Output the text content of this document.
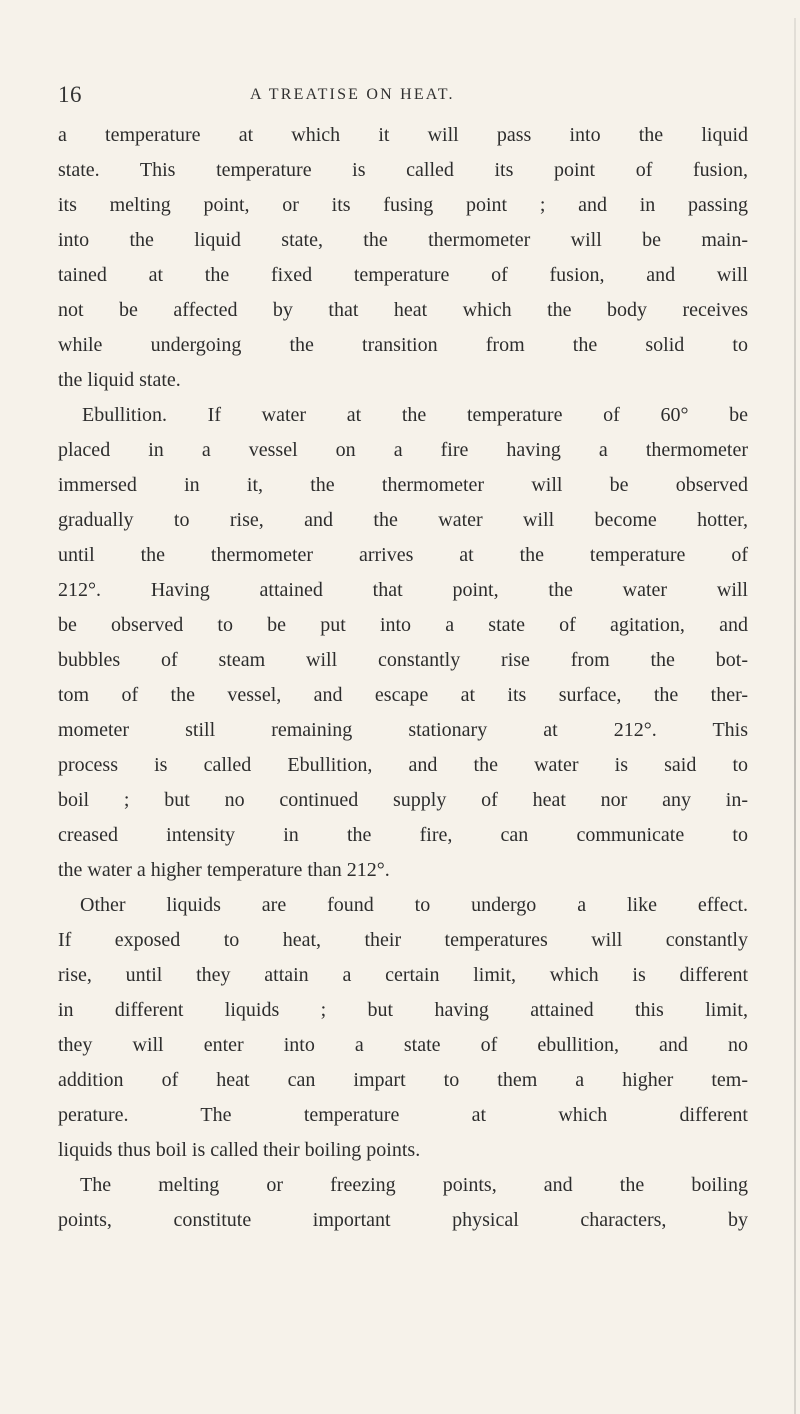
16	A TREATISE ON HEAT.
a temperature at which it will pass into the liquid
state. This temperature is called its point of fusion,
its melting point, or its fusing point ; and in passing
into the liquid state, the thermometer will be main-
tained at the fixed temperature of fusion, and will
not be affected by that heat which the body receives
while undergoing the transition from the solid to
the liquid state.
Ebullition. If water at the temperature of 60° be
placed in a vessel on a fire having a thermometer
immersed in it, the thermometer will be observed
gradually to rise, and the water will become hotter,
until the thermometer arrives at the temperature of
212°. Having attained that point, the water will
be observed to be put into a state of agitation, and
bubbles of steam will constantly rise from the bot-
tom of the vessel, and escape at its surface, the ther-
mometer still remaining stationary at 212°. This
process is called Ebullition, and the water is said to
boil ; but no continued supply of heat nor any in-
creased intensity in the fire, can communicate to
the water a higher temperature than 212°.
Other liquids are found to undergo a like effect.
If exposed to heat, their temperatures will constantly
rise, until they attain a certain limit, which is different
in different liquids ; but having attained this limit,
they will enter into a state of ebullition, and no
addition of heat can impart to them a higher tem-
perature. The temperature at which different
liquids thus boil is called their boiling points.
The melting or freezing points, and the boiling
points, constitute important physical characters, by
